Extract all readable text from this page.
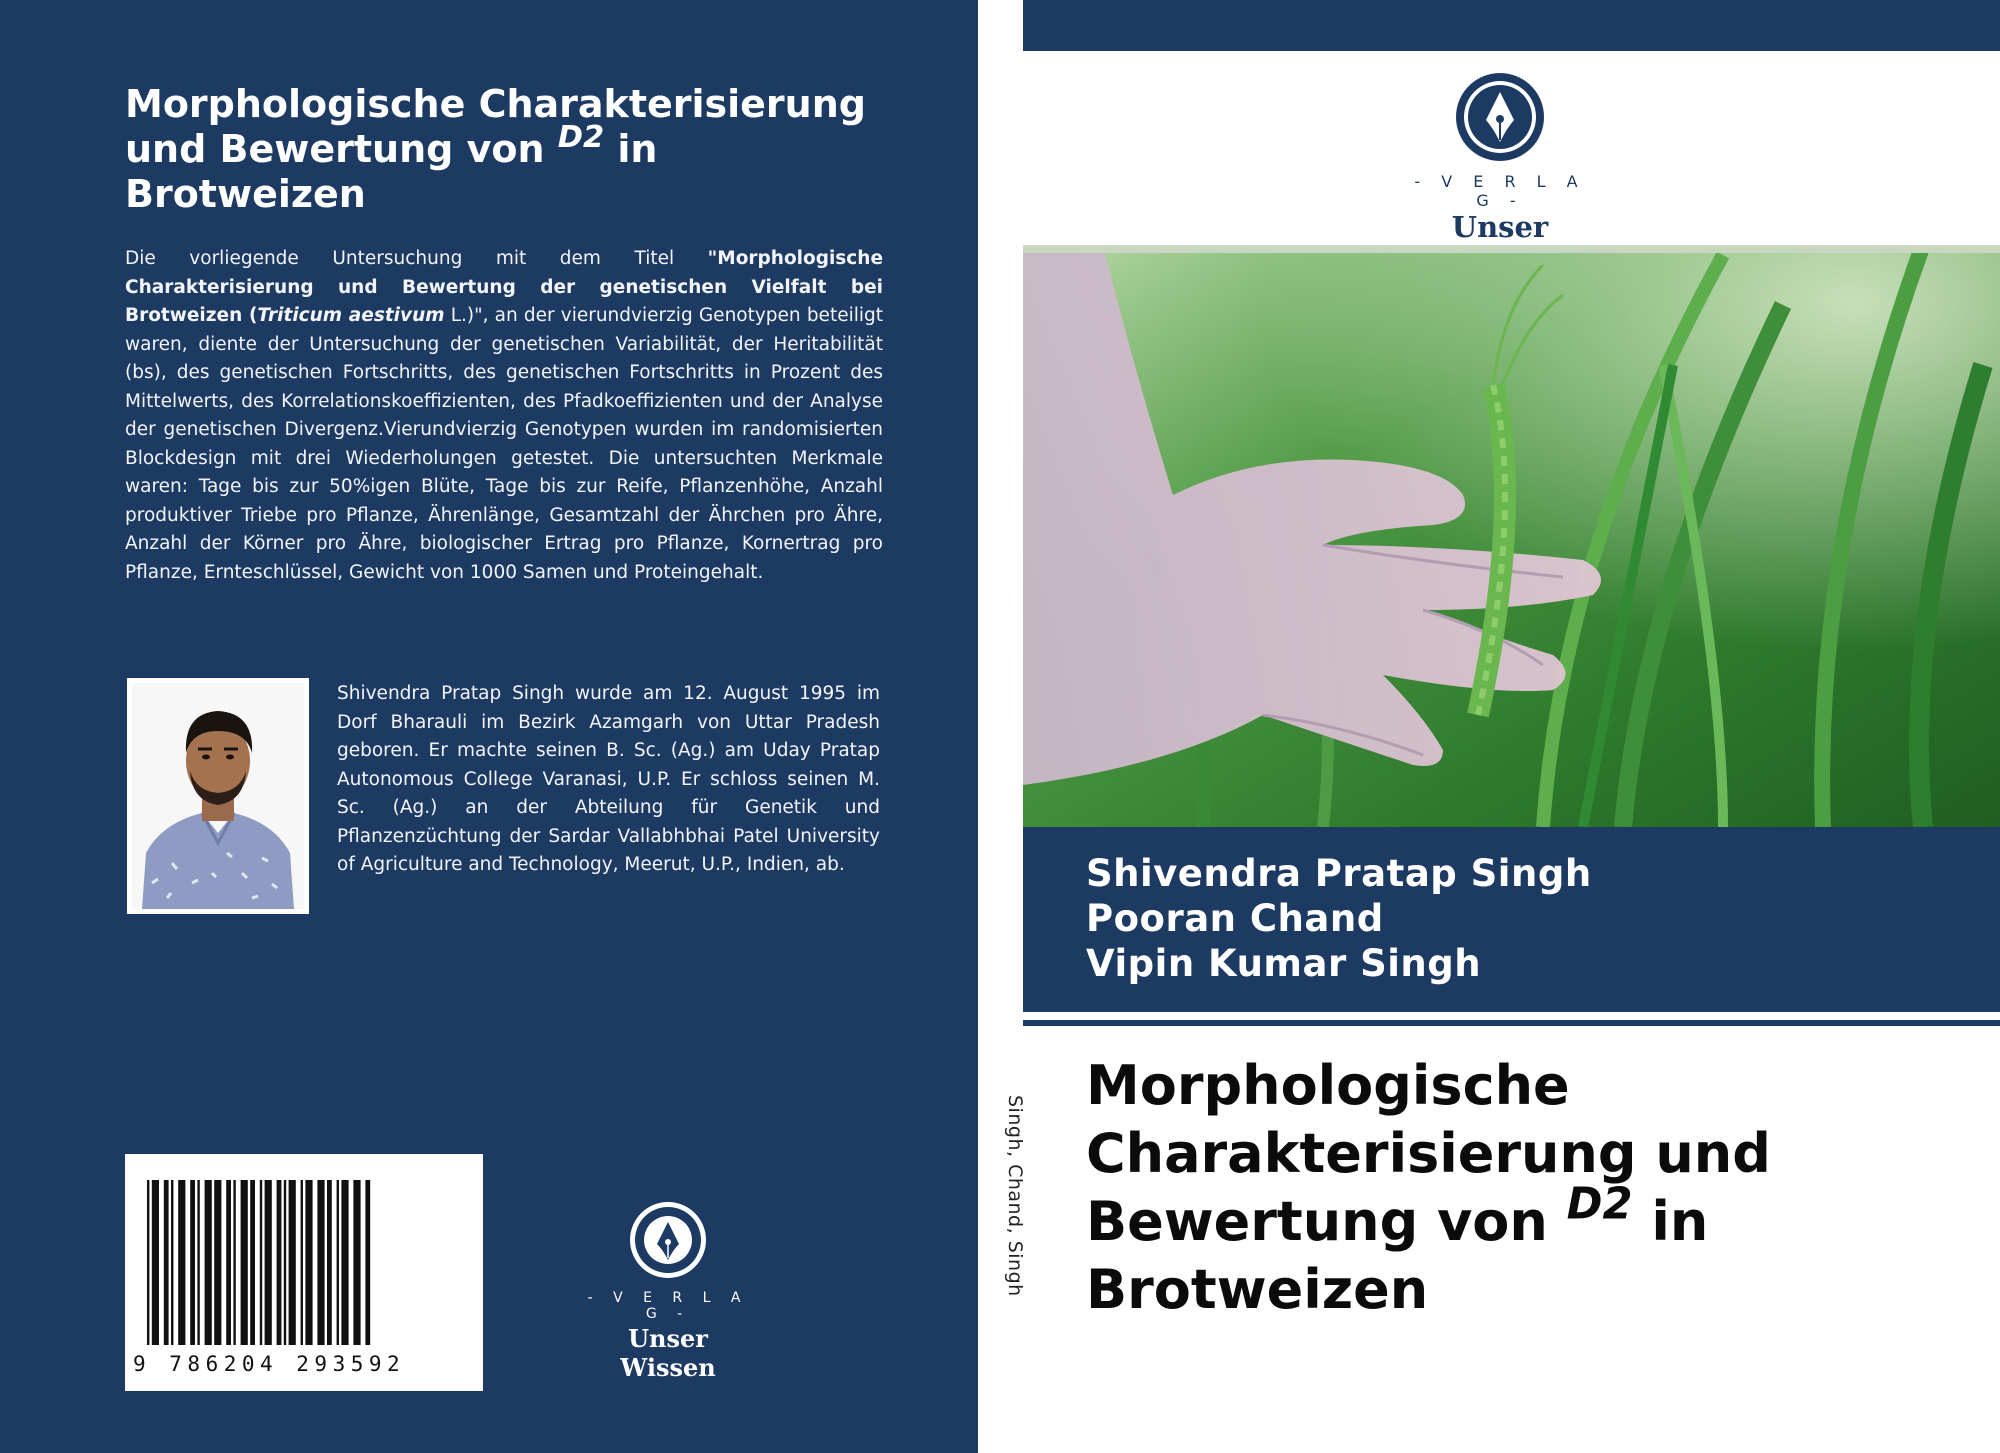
Morphologische Charakterisierung und Bewertung von $^{D2}$ in Brotweizen
Die vorliegende Untersuchung mit dem Titel "Morphologische Charakterisierung und Bewertung der genetischen Vielfalt bei Brotweizen (Triticum aestivum L.)", an der vierundvierzig Genotypen beteiligt waren, diente der Untersuchung der genetischen Variabilität, der Heritabilität (bs), des genetischen Fortschritts, des genetischen Fortschritts in Prozent des Mittelwerts, des Korrelationskoeffizienten, des Pfadkoeffizienten und der Analyse der genetischen Divergenz.Vierundvierzig Genotypen wurden im randomisierten Blockdesign mit drei Wiederholungen getestet. Die untersuchten Merkmale waren: Tage bis zur 50%igen Blüte, Tage bis zur Reife, Pflanzenhöhe, Anzahl produktiver Triebe pro Pflanze, Ährenlänge, Gesamtzahl der Ährchen pro Ähre, Anzahl der Körner pro Ähre, biologischer Ertrag pro Pflanze, Kornertrag pro Pflanze, Ernteschlüssel, Gewicht von 1000 Samen und Proteingehalt.
Shivendra Pratap Singh wurde am 12. August 1995 im Dorf Bharauli im Bezirk Azamgarh von Uttar Pradesh geboren. Er machte seinen B. Sc. (Ag.) am Uday Pratap Autonomous College Varanasi, U.P. Er schloss seinen M. Sc. (Ag.) an der Abteilung für Genetik und Pflanzenzüchtung der Sardar Vallabhbhai Patel University of Agriculture and Technology, Meerut, U.P., Indien, ab.
9 786204 293592
- V E R L A G -
Unser Wissen
Singh, Chand, Singh
- V E R L A G -
Unser
Shivendra Pratap Singh
Pooran Chand
Vipin Kumar Singh
Morphologische
Charakterisierung und
Bewertung von $^{D2}$ in
Brotweizen
